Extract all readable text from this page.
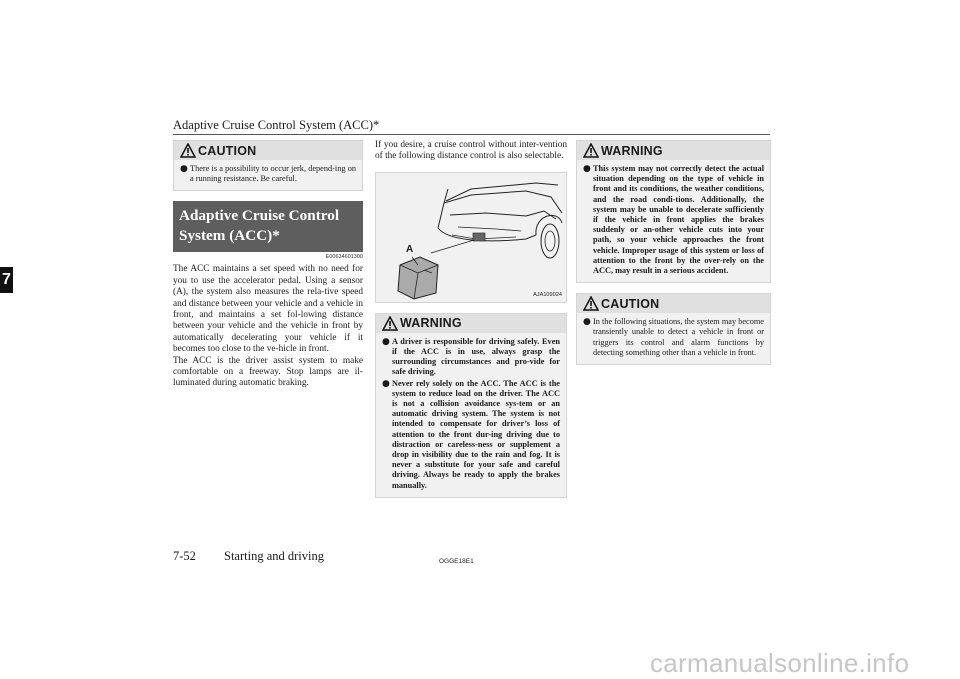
Adaptive Cruise Control System (ACC)*
7
CAUTION
● There is a possibility to occur jerk, depend-ing on a running resistance. Be careful.
Adaptive Cruise Control
System (ACC)*
E00634601300

The ACC maintains a set speed with no need for you to use the accelerator pedal. Using a sensor (A), the system also measures the rela-tive speed and distance between your vehicle and a vehicle in front, and maintains a set fol-lowing distance between your vehicle and the vehicle in front by automatically decelerating your vehicle if it becomes too close to the ve-hicle in front.

The ACC is the driver assist system to make comfortable on a freeway. Stop lamps are il-luminated during automatic braking.

If you desire, a cruise control without inter-vention of the following distance control is also selectable.

A
AJA109024
WARNING
● A driver is responsible for driving safely. Even if the ACC is in use, always grasp the surrounding circumstances and pro-vide for safe driving.
● Never rely solely on the ACC. The ACC is the system to reduce load on the driver. The ACC is not a collision avoidance sys-tem or an automatic driving system. The system is not intended to compensate for driver’s loss of attention to the front dur-ing driving due to distraction or careless-ness or supplement a drop in visibility due to the rain and fog. It is never a substitute for your safe and careful driving. Always be ready to apply the brakes manually.
WARNING
● This system may not correctly detect the actual situation depending on the type of vehicle in front and its conditions, the weather conditions, and the road condi-tions. Additionally, the system may be unable to decelerate sufficiently if the vehicle in front applies the brakes suddenly or an-other vehicle cuts into your path, so your vehicle approaches the front vehicle. Improper usage of this system or loss of attention to the front by the over-rely on the ACC, may result in a serious accident.
CAUTION
● In the following situations, the system may become transiently unable to detect a vehicle in front or triggers its control and alarm functions by detecting something other than a vehicle in front.
7-52 Starting and driving	OGGE18E1
carmanualsonline.info
